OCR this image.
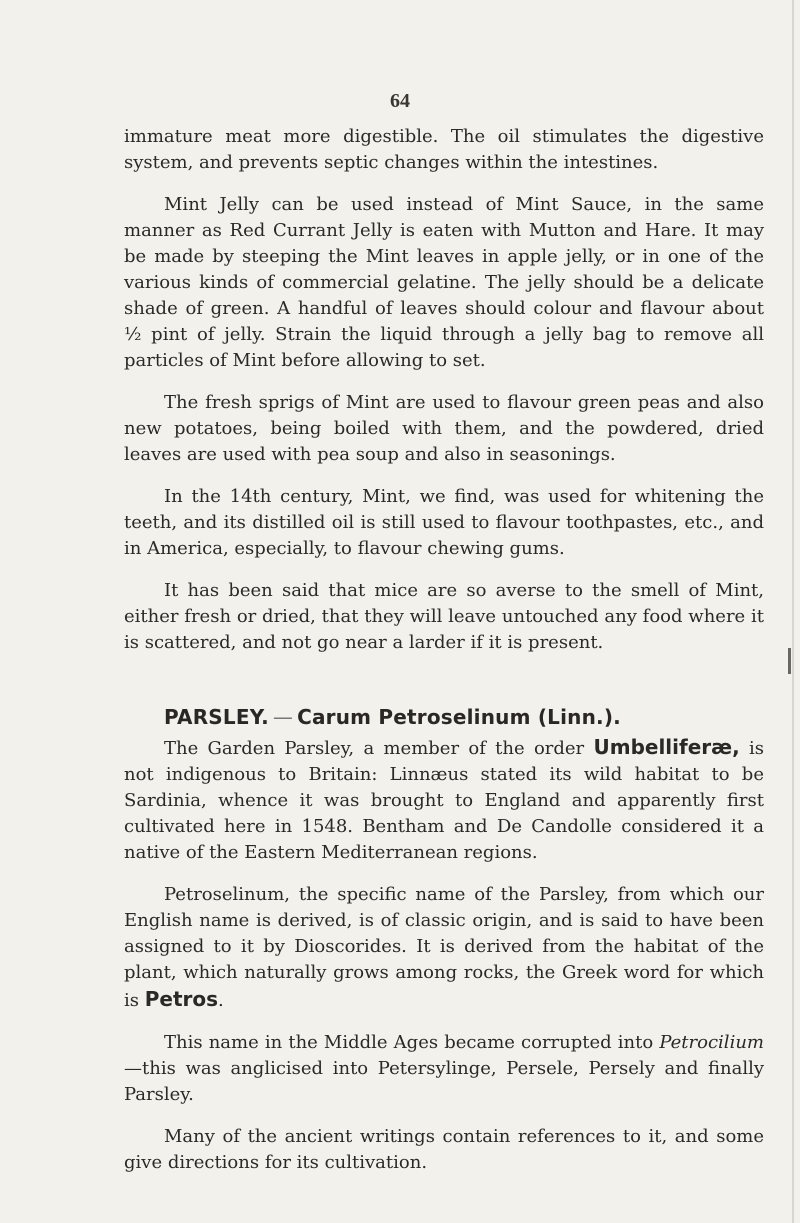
64

immature meat more digestible. The oil stimulates the digestive system, and prevents septic changes within the intestines.

Mint Jelly can be used instead of Mint Sauce, in the same manner as Red Currant Jelly is eaten with Mutton and Hare. It may be made by steeping the Mint leaves in apple jelly, or in one of the various kinds of commercial gelatine. The jelly should be a delicate shade of green. A handful of leaves should colour and flavour about ½ pint of jelly. Strain the liquid through a jelly bag to remove all particles of Mint before allowing to set.

The fresh sprigs of Mint are used to flavour green peas and also new potatoes, being boiled with them, and the powdered, dried leaves are used with pea soup and also in seasonings.

In the 14th century, Mint, we find, was used for whitening the teeth, and its distilled oil is still used to flavour toothpastes, etc., and in America, especially, to flavour chewing gums.

It has been said that mice are so averse to the smell of Mint, either fresh or dried, that they will leave untouched any food where it is scattered, and not go near a larder if it is present.

PARSLEY. — Carum Petroselinum (Linn.).

The Garden Parsley, a member of the order Umbelliferæ, is not indigenous to Britain: Linnæus stated its wild habitat to be Sardinia, whence it was brought to England and apparently first cultivated here in 1548. Bentham and De Candolle considered it a native of the Eastern Mediterranean regions.

Petroselinum, the specific name of the Parsley, from which our English name is derived, is of classic origin, and is said to have been assigned to it by Dioscorides. It is derived from the habitat of the plant, which naturally grows among rocks, the Greek word for which is Petros.

This name in the Middle Ages became corrupted into Petrocilium—this was anglicised into Petersylinge, Persele, Persely and finally Parsley.

Many of the ancient writings contain references to it, and some give directions for its cultivation.
